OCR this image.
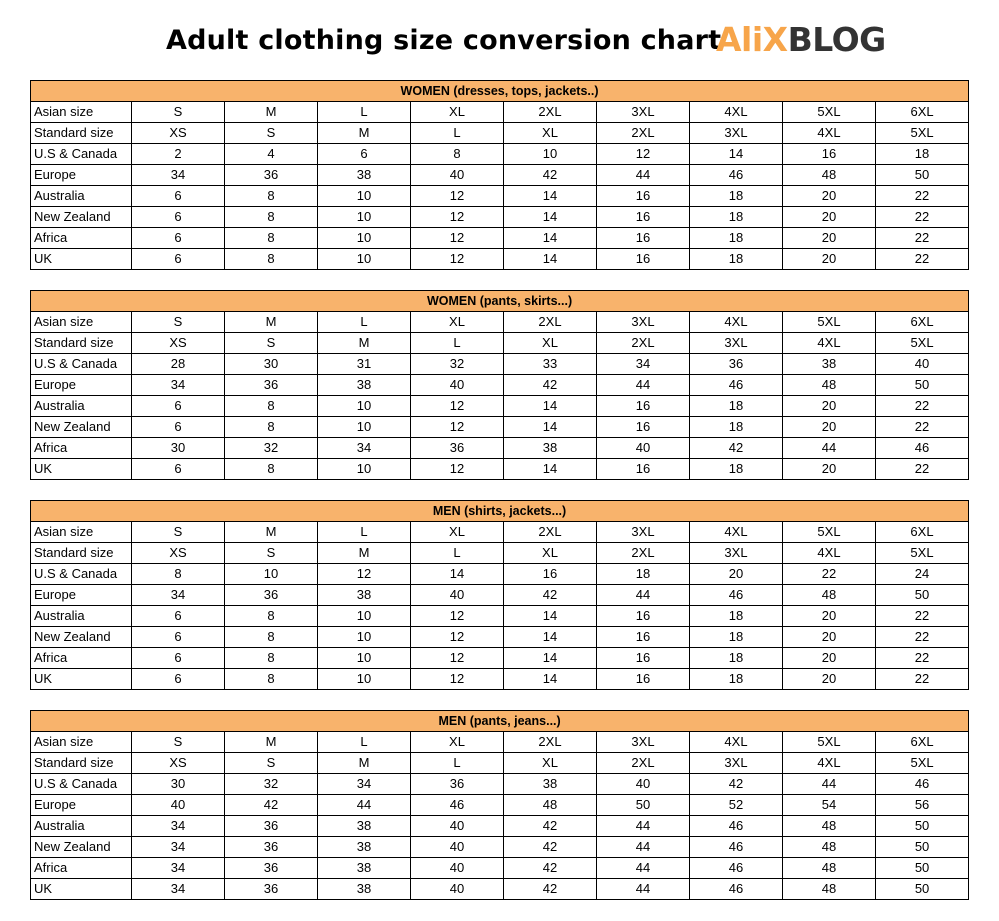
Adult clothing size conversion chart
AliXBLOG
WOMEN (dresses, tops, jackets..)									
Asian size	S	M	L	XL	2XL	3XL	4XL	5XL	6XL
Standard size	XS	S	M	L	XL	2XL	3XL	4XL	5XL
U.S & Canada	2	4	6	8	10	12	14	16	18
Europe	34	36	38	40	42	44	46	48	50
Australia	6	8	10	12	14	16	18	20	22
New Zealand	6	8	10	12	14	16	18	20	22
Africa	6	8	10	12	14	16	18	20	22
UK	6	8	10	12	14	16	18	20	22
WOMEN (pants, skirts...)									
Asian size	S	M	L	XL	2XL	3XL	4XL	5XL	6XL
Standard size	XS	S	M	L	XL	2XL	3XL	4XL	5XL
U.S & Canada	28	30	31	32	33	34	36	38	40
Europe	34	36	38	40	42	44	46	48	50
Australia	6	8	10	12	14	16	18	20	22
New Zealand	6	8	10	12	14	16	18	20	22
Africa	30	32	34	36	38	40	42	44	46
UK	6	8	10	12	14	16	18	20	22
MEN (shirts, jackets...)									
Asian size	S	M	L	XL	2XL	3XL	4XL	5XL	6XL
Standard size	XS	S	M	L	XL	2XL	3XL	4XL	5XL
U.S & Canada	8	10	12	14	16	18	20	22	24
Europe	34	36	38	40	42	44	46	48	50
Australia	6	8	10	12	14	16	18	20	22
New Zealand	6	8	10	12	14	16	18	20	22
Africa	6	8	10	12	14	16	18	20	22
UK	6	8	10	12	14	16	18	20	22
MEN (pants, jeans...)									
Asian size	S	M	L	XL	2XL	3XL	4XL	5XL	6XL
Standard size	XS	S	M	L	XL	2XL	3XL	4XL	5XL
U.S & Canada	30	32	34	36	38	40	42	44	46
Europe	40	42	44	46	48	50	52	54	56
Australia	34	36	38	40	42	44	46	48	50
New Zealand	34	36	38	40	42	44	46	48	50
Africa	34	36	38	40	42	44	46	48	50
UK	34	36	38	40	42	44	46	48	50
